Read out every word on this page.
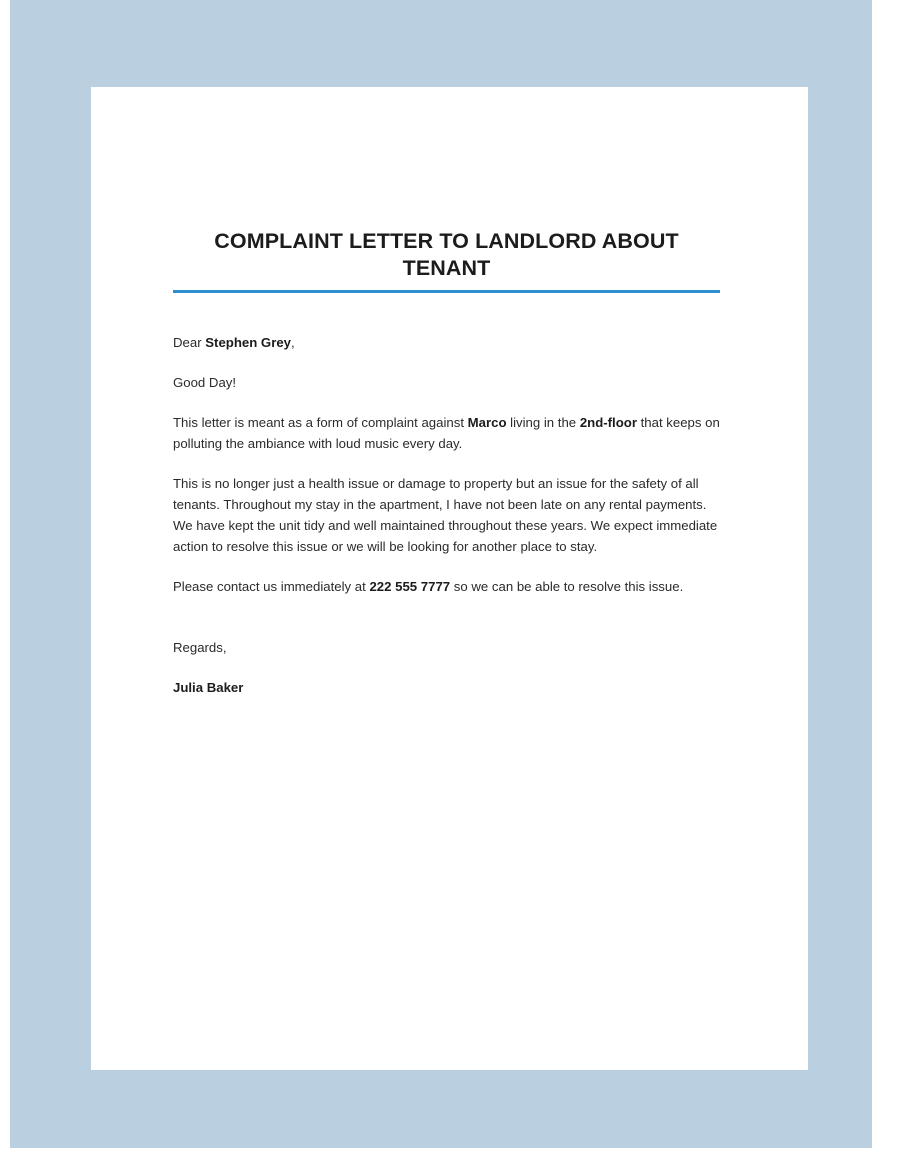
COMPLAINT LETTER TO LANDLORD ABOUT TENANT

Dear Stephen Grey,

Good Day!

This letter is meant as a form of complaint against Marco living in the 2nd-floor that keeps on polluting the ambiance with loud music every day.

This is no longer just a health issue or damage to property but an issue for the safety of all tenants. Throughout my stay in the apartment, I have not been late on any rental payments. We have kept the unit tidy and well maintained throughout these years. We expect immediate action to resolve this issue or we will be looking for another place to stay.

Please contact us immediately at 222 555 7777 so we can be able to resolve this issue.

Regards,

Julia Baker
